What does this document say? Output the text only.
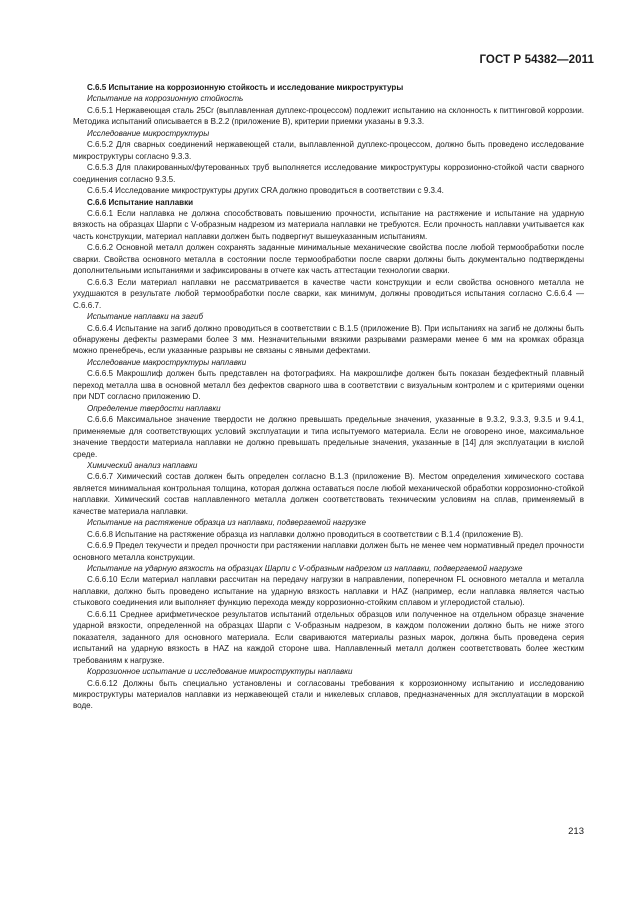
ГОСТ Р 54382—2011

С.6.5 Испытание на коррозионную стойкость и исследование микроструктуры

Испытание на коррозионную стойкость

С.6.5.1 Нержавеющая сталь 25Cr (выплавленная дуплекс-процессом) подлежит испытанию на склонность к питтинговой коррозии. Методика испытаний описывается в В.2.2 (приложение В), критерии приемки указаны в 9.3.3.

Исследование микроструктуры

С.6.5.2 Для сварных соединений нержавеющей стали, выплавленной дуплекс-процессом, должно быть проведено исследование микроструктуры согласно 9.3.3.

С.6.5.3 Для плакированных/футерованных труб выполняется исследование микроструктуры коррозионно-стойкой части сварного соединения согласно 9.3.5.

С.6.5.4 Исследование микроструктуры других CRA должно проводиться в соответствии с 9.3.4.

С.6.6 Испытание наплавки

С.6.6.1 Если наплавка не должна способствовать повышению прочности, испытание на растяжение и испытание на ударную вязкость на образцах Шарпи с V-образным надрезом из материала наплавки не требуются. Если прочность наплавки учитывается как часть конструкции, материал наплавки должен быть подвергнут вышеуказанным испытаниям.

С.6.6.2 Основной металл должен сохранять заданные минимальные механические свойства после любой термообработки после сварки. Свойства основного металла в состоянии после термообработки после сварки должны быть документально подтверждены дополнительными испытаниями и зафиксированы в отчете как часть аттестации технологии сварки.

С.6.6.3 Если материал наплавки не рассматривается в качестве части конструкции и если свойства основного металла не ухудшаются в результате любой термообработки после сварки, как минимум, должны проводиться испытания согласно С.6.6.4 — С.6.6.7.

Испытание наплавки на загиб

С.6.6.4 Испытание на загиб должно проводиться в соответствии с В.1.5 (приложение В). При испытаниях на загиб не должны быть обнаружены дефекты размерами более 3 мм. Незначительными вязкими разрывами размерами менее 6 мм на кромках образца можно пренебречь, если указанные разрывы не связаны с явными дефектами.

Исследование макроструктуры наплавки

С.6.6.5 Макрошлиф должен быть представлен на фотографиях. На макрошлифе должен быть показан бездефектный плавный переход металла шва в основной металл без дефектов сварного шва в соответствии с визуальным контролем и с критериями оценки при NDT согласно приложению D.

Определение твердости наплавки

С.6.6.6 Максимальное значение твердости не должно превышать предельные значения, указанные в 9.3.2, 9.3.3, 9.3.5 и 9.4.1, применяемые для соответствующих условий эксплуатации и типа испытуемого материала. Если не оговорено иное, максимальное значение твердости материала наплавки не должно превышать предельные значения, указанные в [14] для эксплуатации в кислой среде.

Химический анализ наплавки

С.6.6.7 Химический состав должен быть определен согласно В.1.3 (приложение В). Местом определения химического состава является минимальная контрольная толщина, которая должна оставаться после любой механической обработки коррозионно-стойкой наплавки. Химический состав наплавленного металла должен соответствовать техническим условиям на сплав, применяемый в качестве материала наплавки.

Испытание на растяжение образца из наплавки, подвергаемой нагрузке

С.6.6.8 Испытание на растяжение образца из наплавки должно проводиться в соответствии с В.1.4 (приложение В).

С.6.6.9 Предел текучести и предел прочности при растяжении наплавки должен быть не менее чем нормативный предел прочности основного металла конструкции.

Испытание на ударную вязкость на образцах Шарпи с V-образным надрезом из наплавки, подвергаемой нагрузке

С.6.6.10 Если материал наплавки рассчитан на передачу нагрузки в направлении, поперечном FL основного металла и металла наплавки, должно быть проведено испытание на ударную вязкость наплавки и HAZ (например, если наплавка является частью стыкового соединения или выполняет функцию перехода между коррозионно-стойким сплавом и углеродистой сталью).

С.6.6.11 Среднее арифметическое результатов испытаний отдельных образцов или полученное на отдельном образце значение ударной вязкости, определенной на образцах Шарпи с V-образным надрезом, в каждом положении должно быть не ниже этого показателя, заданного для основного материала. Если свариваются материалы разных марок, должна быть проведена серия испытаний на ударную вязкость в HAZ на каждой стороне шва. Наплавленный металл должен соответствовать более жестким требованиям к нагрузке.

Коррозионное испытание и исследование микроструктуры наплавки

С.6.6.12 Должны быть специально установлены и согласованы требования к коррозионному испытанию и исследованию микроструктуры материалов наплавки из нержавеющей стали и никелевых сплавов, предназначенных для эксплуатации в морской воде.

213
